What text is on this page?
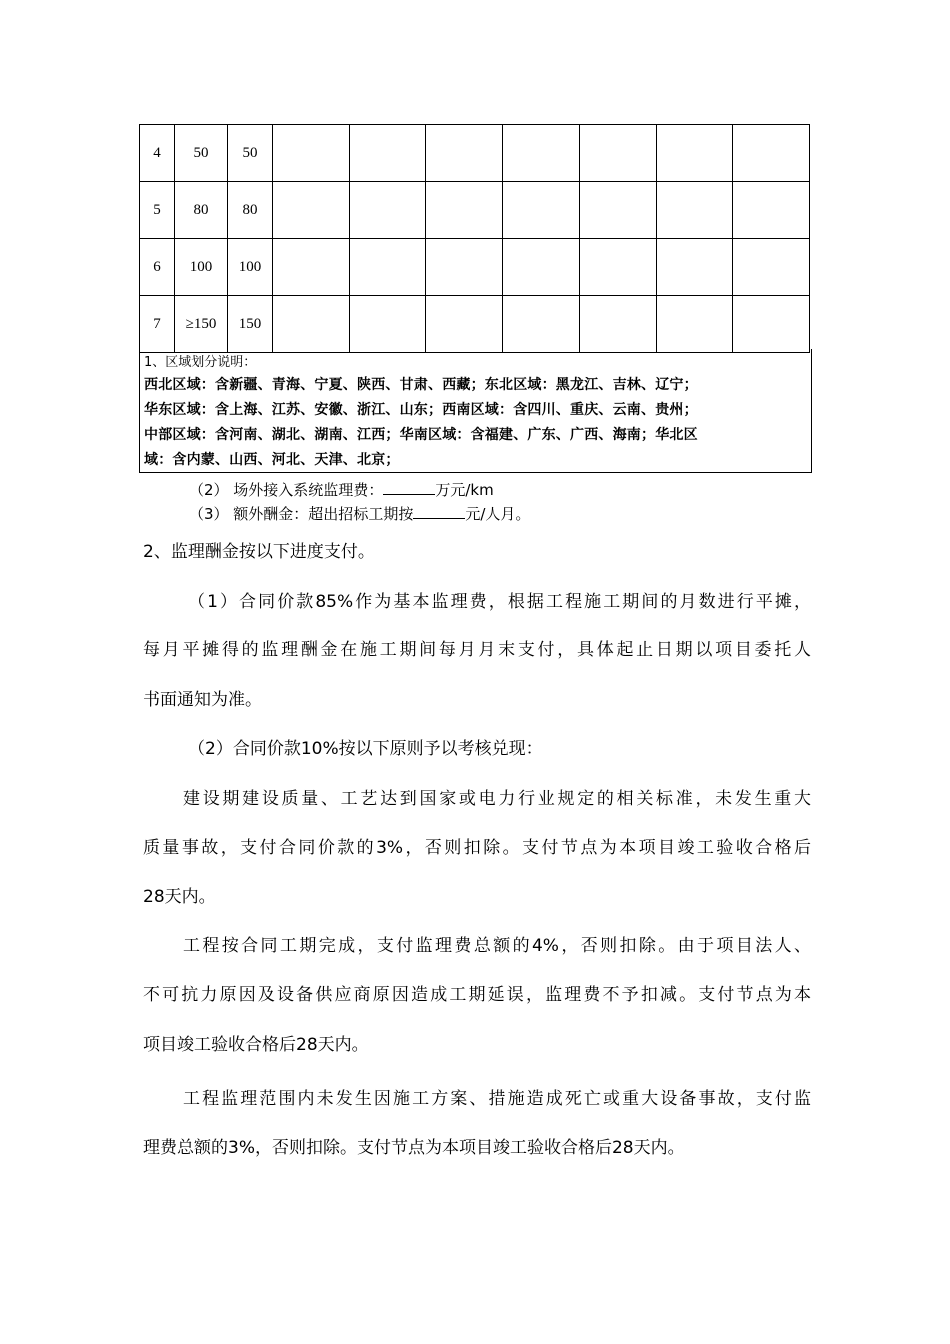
4	50	50							
5	80	80							
6	100	100							
7	≥150	150							
1、区域划分说明：
西北区域：含新疆、青海、宁夏、陕西、甘肃、西藏；东北区域：黑龙江、吉林、辽宁；
华东区域：含上海、江苏、安徽、浙江、山东；西南区域：含四川、重庆、云南、贵州；
中部区域：含河南、湖北、湖南、江西；华南区域：含福建、广东、广西、海南；华北区
域：含内蒙、山西、河北、天津、北京；
（2） 场外接入系统监理费：	万元/km
（3） 额外酬金：超出招标工期按	元/人月。
2、监理酬金按以下进度支付。
（1）合同价款85%作为基本监理费，根据工程施工期间的月数进行平摊，
每月平摊得的监理酬金在施工期间每月月末支付，具体起止日期以项目委托人
书面通知为准。
（2）合同价款10%按以下原则予以考核兑现：
建设期建设质量、工艺达到国家或电力行业规定的相关标准，未发生重大
质量事故，支付合同价款的3%，否则扣除。支付节点为本项目竣工验收合格后
28天内。
工程按合同工期完成，支付监理费总额的4%，否则扣除。由于项目法人、
不可抗力原因及设备供应商原因造成工期延误，监理费不予扣减。支付节点为本
项目竣工验收合格后28天内。
工程监理范围内未发生因施工方案、措施造成死亡或重大设备事故，支付监
理费总额的3%，否则扣除。支付节点为本项目竣工验收合格后28天内。
